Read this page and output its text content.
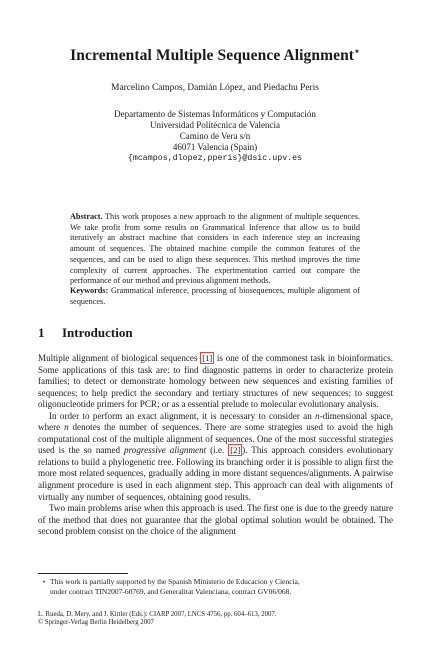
Incremental Multiple Sequence Alignment⋆
Marcelino Campos, Damián López, and Piedachu Peris
Departamento de Sistemas Informáticos y Computación
Universidad Politécnica de Valencia
Camino de Vera s/n
46071 Valencia (Spain)
{mcampos,dlopez,pperis}@dsic.upv.es
Abstract. This work proposes a new approach to the alignment of multiple sequences. We take profit from some results on Grammatical Inference that allow us to build iteratively an abstract machine that considers in each inference step an increasing amount of sequences. The obtained machine compile the common features of the sequences, and can be used to align these sequences. This method improves the time complexity of current approaches. The experimentation carried out compare the performance of our method and previous alignment methods.
Keywords: Grammatical inference, processing of biosequences, multiple alignment of sequences.
1 Introduction

Multiple alignment of biological sequences [1] is one of the commonest task in bioinformatics. Some applications of this task are: to find diagnostic patterns in order to characterize protein families; to detect or demonstrate homology between new sequences and existing families of sequences; to help predict the secondary and tertiary structures of new sequences; to suggest oligonucleotide primers for PCR; or as a essential prelude to molecular evolutionary analysis.

In order to perform an exact alignment, it is necessary to consider an n-dimensional space, where n denotes the number of sequences. There are some strategies used to avoid the high computational cost of the multiple alignment of sequences. One of the most successful strategies used is the so named progressive alignment (i.e. [2] ). This approach considers evolutionary relations to build a phylogenetic tree. Following its branching order it is possible to align first the more most related sequences, gradually adding in more distant sequences/alignments. A pairwise alignment procedure is used in each alignment step. This approach can deal with alignments of virtually any number of sequences, obtaining good results.

Two main problems arise when this approach is used. The first one is due to the greedy nature of the method that does not guarantee that the global optimal solution would be obtained. The second problem consist on the choice of the alignment

⋆ This work is partially supported by the Spanish Ministerio de Educacion y Ciencia,
under contract TIN2007-60769, and Generalitat Valenciana, contract GV06/068.
L. Rueda, D. Mery, and J. Kittler (Eds.): CIARP 2007, LNCS 4756, pp. 604–613, 2007.
© Springer-Verlag Berlin Heidelberg 2007
